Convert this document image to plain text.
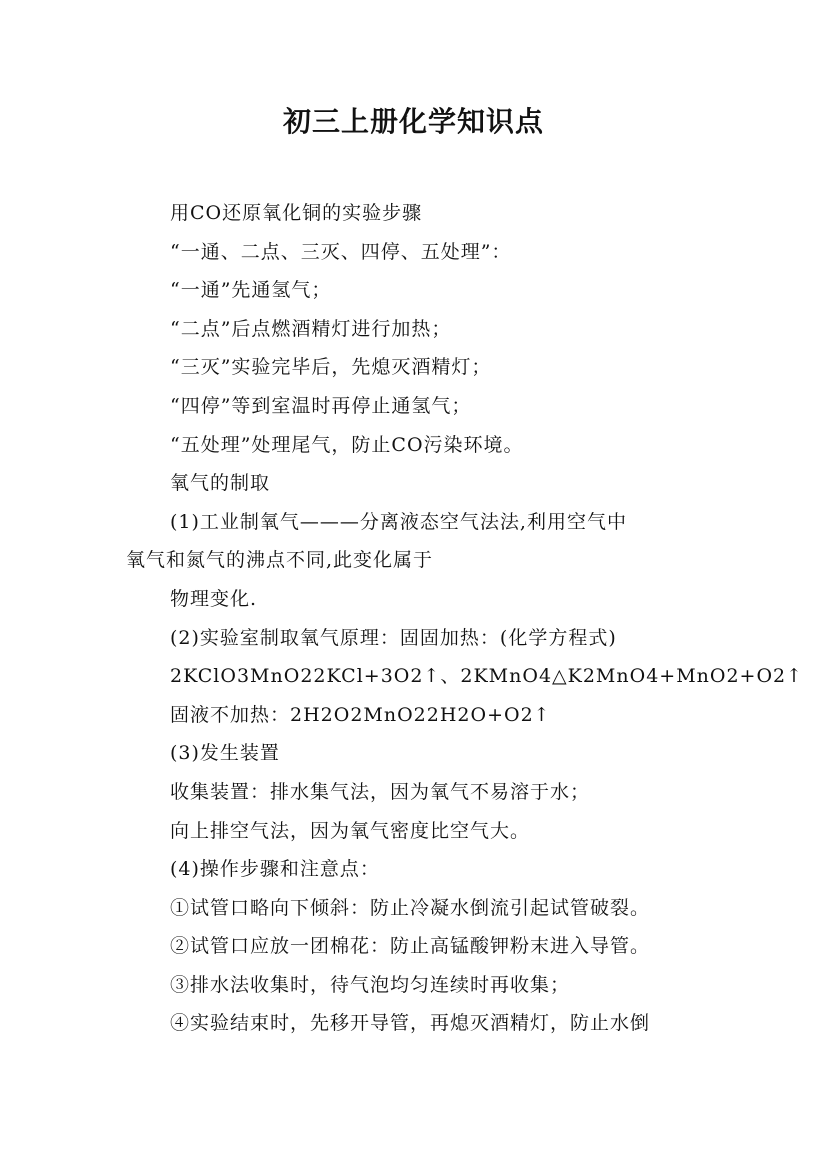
初三上册化学知识点
用CO还原氧化铜的实验步骤
“一通、二点、三灭、四停、五处理”：
“一通”先通氢气；
“二点”后点燃酒精灯进行加热；
“三灭”实验完毕后，先熄灭酒精灯；
“四停”等到室温时再停止通氢气；
“五处理”处理尾气，防止CO污染环境。
氧气的制取
(1)工业制氧气———分离液态空气法法,利用空气中
氧气和氮气的沸点不同,此变化属于
物理变化.
(2)实验室制取氧气原理：固固加热：(化学方程式)
2KClO3MnO22KCl+3O2↑、2KMnO4△K2MnO4+MnO2+O2↑
固液不加热：2H2O2MnO22H2O+O2↑
(3)发生装置
收集装置：排水集气法，因为氧气不易溶于水；
向上排空气法，因为氧气密度比空气大。
(4)操作步骤和注意点：
①试管口略向下倾斜：防止冷凝水倒流引起试管破裂。
②试管口应放一团棉花：防止高锰酸钾粉末进入导管。
③排水法收集时，待气泡均匀连续时再收集；
④实验结束时，先移开导管，再熄灭酒精灯，防止水倒
